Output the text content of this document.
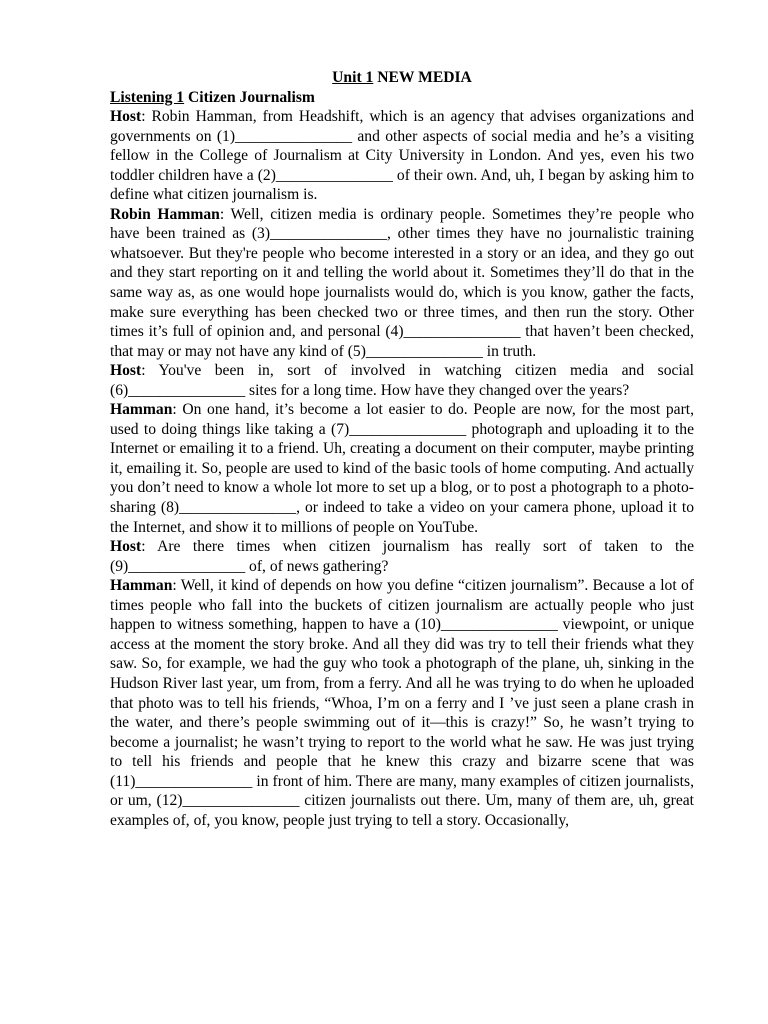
Unit 1 NEW MEDIA
Listening 1 Citizen Journalism

Host: Robin Hamman, from Headshift, which is an agency that advises organizations and governments on (1)_______________ and other aspects of social media and he’s a visiting fellow in the College of Journalism at City University in London. And yes, even his two toddler children have a (2)_______________ of their own. And, uh, I began by asking him to define what citizen journalism is.

Robin Hamman: Well, citizen media is ordinary people. Sometimes they’re people who have been trained as (3)_______________, other times they have no journalistic training whatsoever. But they're people who become interested in a story or an idea, and they go out and they start reporting on it and telling the world about it. Sometimes they’ll do that in the same way as, as one would hope journalists would do, which is you know, gather the facts, make sure everything has been checked two or three times, and then run the story. Other times it’s full of opinion and, and personal (4)_______________ that haven’t been checked, that may or may not have any kind of (5)_______________ in truth.

Host: You've been in, sort of involved in watching citizen media and social (6)_______________ sites for a long time. How have they changed over the years?

Hamman: On one hand, it’s become a lot easier to do. People are now, for the most part, used to doing things like taking a (7)_______________ photograph and uploading it to the Internet or emailing it to a friend. Uh, creating a document on their computer, maybe printing it, emailing it. So, people are used to kind of the basic tools of home computing. And actually you don’t need to know a whole lot more to set up a blog, or to post a photograph to a photo-sharing (8)_______________, or indeed to take a video on your camera phone, upload it to the Internet, and show it to millions of people on YouTube.

Host: Are there times when citizen journalism has really sort of taken to the (9)_______________ of, of news gathering?

Hamman: Well, it kind of depends on how you define “citizen journalism”. Because a lot of times people who fall into the buckets of citizen journalism are actually people who just happen to witness something, happen to have a (10)_______________ viewpoint, or unique access at the moment the story broke. And all they did was try to tell their friends what they saw. So, for example, we had the guy who took a photograph of the plane, uh, sinking in the Hudson River last year, um from, from a ferry. And all he was trying to do when he uploaded that photo was to tell his friends, “Whoa, I’m on a ferry and I ’ve just seen a plane crash in the water, and there’s people swimming out of it—this is crazy!” So, he wasn’t trying to become a journalist; he wasn’t trying to report to the world what he saw. He was just trying to tell his friends and people that he knew this crazy and bizarre scene that was (11)_______________ in front of him. There are many, many examples of citizen journalists, or um, (12)_______________ citizen journalists out there. Um, many of them are, uh, great examples of, of, you know, people just trying to tell a story. Occasionally,
